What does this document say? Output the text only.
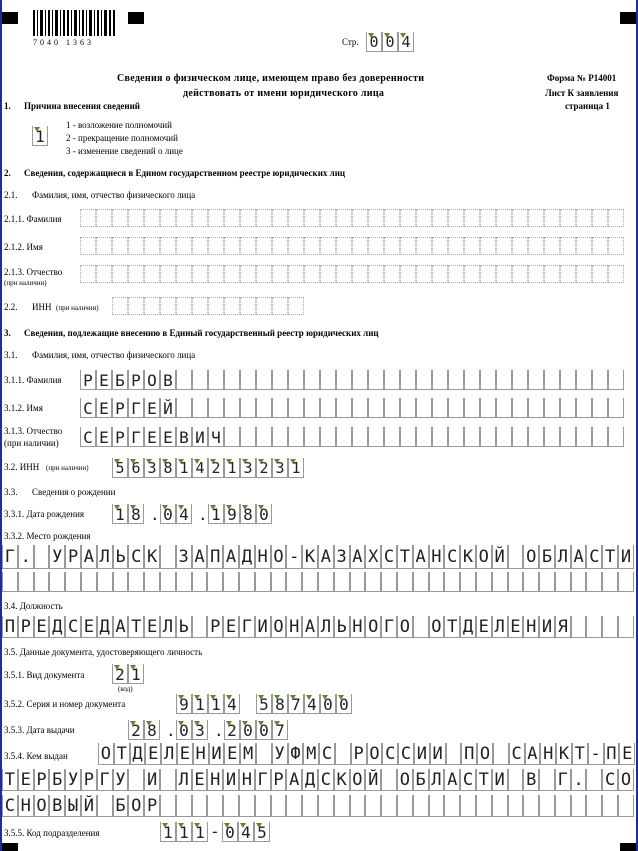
7040 1363	Стр. 0 0 4
Сведения о физическом лице, имеющем право без доверенности
действовать от имени юридического лица
Форма № Р14001
Лист К заявления
страница 1
1. Причина внесения сведений
1
1 - возложение полномочий
2 - прекращение полномочий
3 - изменение сведений о лице
2. Сведения, содержащиеся в Едином государственном реестре юридических лиц
2.1. Фамилия, имя, отчество физического лица
2.1.1. Фамилия
2.1.2. Имя
2.1.3. Отчество
(при наличии)
2.2. ИНН (при наличии)
3. Сведения, подлежащие внесению в Единый государственный реестр юридических лиц
3.1. Фамилия, имя, отчество физического лица
3.1.1. Фамилия Р Е Б Р О В
3.1.2. Имя	С Е Р Г Е Й
3.1.3. Отчество
(при наличии) С Е Р Г Е Е В И Ч
3.2. ИНН (при наличии) 5 6 3 8 1 4 2 1 3 2 3 1
3.3. Сведения о рождении
3.3.1. Дата рождения 1 8 . 0 4 . 1 9 8 0
3.3.2. Место рождения
Г . У Р А Л Ь С К З А П А Д Н О - К А З А Х С Т А Н С К О Й О Б Л А С Т И
3.4. Должность
П Р Е Д С Е Д А Т Е Л Ь Р Е Г И О Н А Л Ь Н О Г О О Т Д Е Л Е Н И Я
3.5. Данные документа, удостоверяющего личность
3.5.1. Вид документа 2 1
(код)
3.5.2. Серия и номер документа	9 1 1 4 5 8 7 4 0 0
3.5.3. Дата выдачи	2 8 . 0 3 . 2 0 0 7
3.5.4. Кем выдан О Т Д Е Л Е Н И Е М У Ф М С Р О С С И И П О С А Н К Т - П Е
Т Е Р Б У Р Г У И Л Е Н И Н Г Р А Д С К О Й О Б Л А С Т И В Г . С О
С Н О В Ы Й Б О Р
3.5.5. Код подразделения	1 1 1 - 0 4 5
